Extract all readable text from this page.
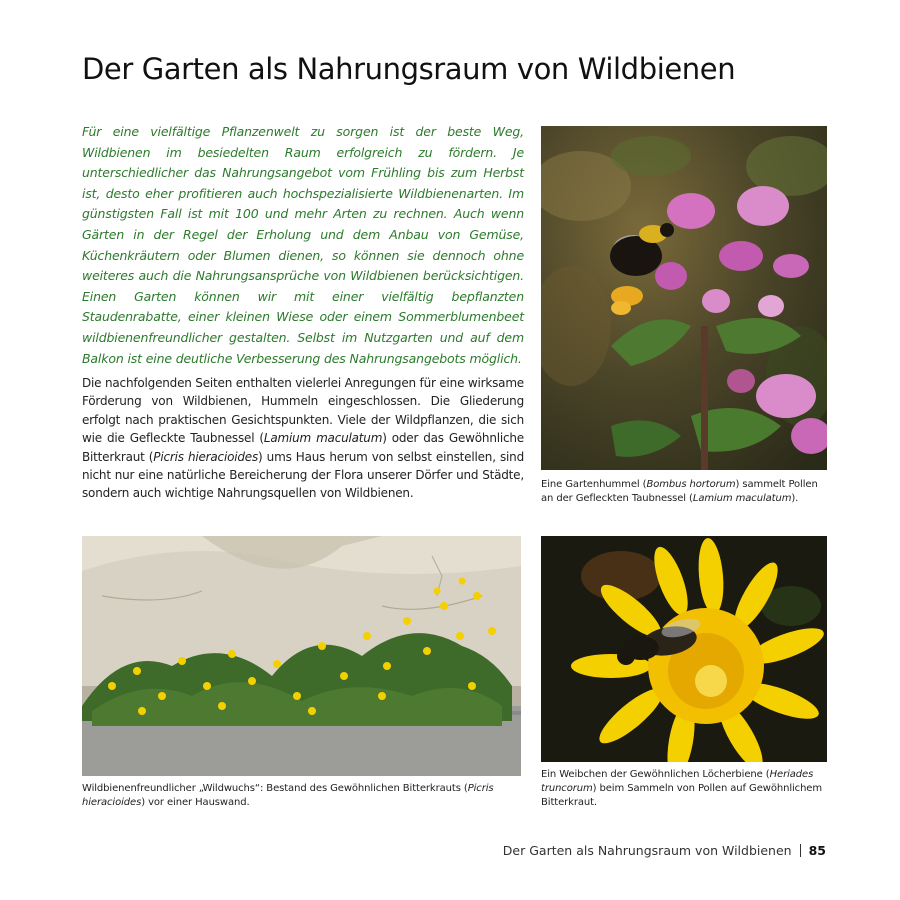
Der Garten als Nahrungsraum von Wildbienen

Für eine vielfältige Pflanzenwelt zu sorgen ist der beste Weg, Wildbienen im besiedelten Raum erfolgreich zu fördern. Je unterschiedlicher das Nahrungsangebot vom Frühling bis zum Herbst ist, desto eher profitieren auch hochspezialisierte Wildbienenarten. Im günstigsten Fall ist mit 100 und mehr Arten zu rechnen. Auch wenn Gärten in der Regel der Erholung und dem Anbau von Gemüse, Küchenkräutern oder Blumen dienen, so können sie dennoch ohne weiteres auch die Nahrungsansprüche von Wildbienen berücksichtigen. Einen Garten können wir mit einer vielfältig bepflanzten Staudenrabatte, einer kleinen Wiese oder einem Sommerblumenbeet wildbienenfreundlicher gestalten. Selbst im Nutzgarten und auf dem Balkon ist eine deutliche Verbesserung des Nahrungsangebots möglich.

Die nachfolgenden Seiten enthalten vielerlei Anregungen für eine wirksame Förderung von Wildbienen, Hummeln eingeschlossen. Die Gliederung erfolgt nach praktischen Gesichtspunkten. Viele der Wildpflanzen, die sich wie die Gefleckte Taubnessel (Lamium maculatum) oder das Gewöhnliche Bitterkraut (Picris hieracioides) ums Haus herum von selbst einstellen, sind nicht nur eine natürliche Bereicherung der Flora unserer Dörfer und Städte, sondern auch wichtige Nahrungsquellen von Wildbienen.

Eine Gartenhummel (Bombus hortorum) sammelt Pollen an der Gefleckten Taubnessel (Lamium maculatum).

Wildbienenfreundlicher „Wildwuchs“: Bestand des Gewöhnlichen Bitterkrauts (Picris hieracioides) vor einer Hauswand.

Ein Weibchen der Gewöhnlichen Löcherbiene (Heriades truncorum) beim Sammeln von Pollen auf Gewöhnlichem Bitterkraut.

Der Garten als Nahrungsraum von Wildbienen 85
